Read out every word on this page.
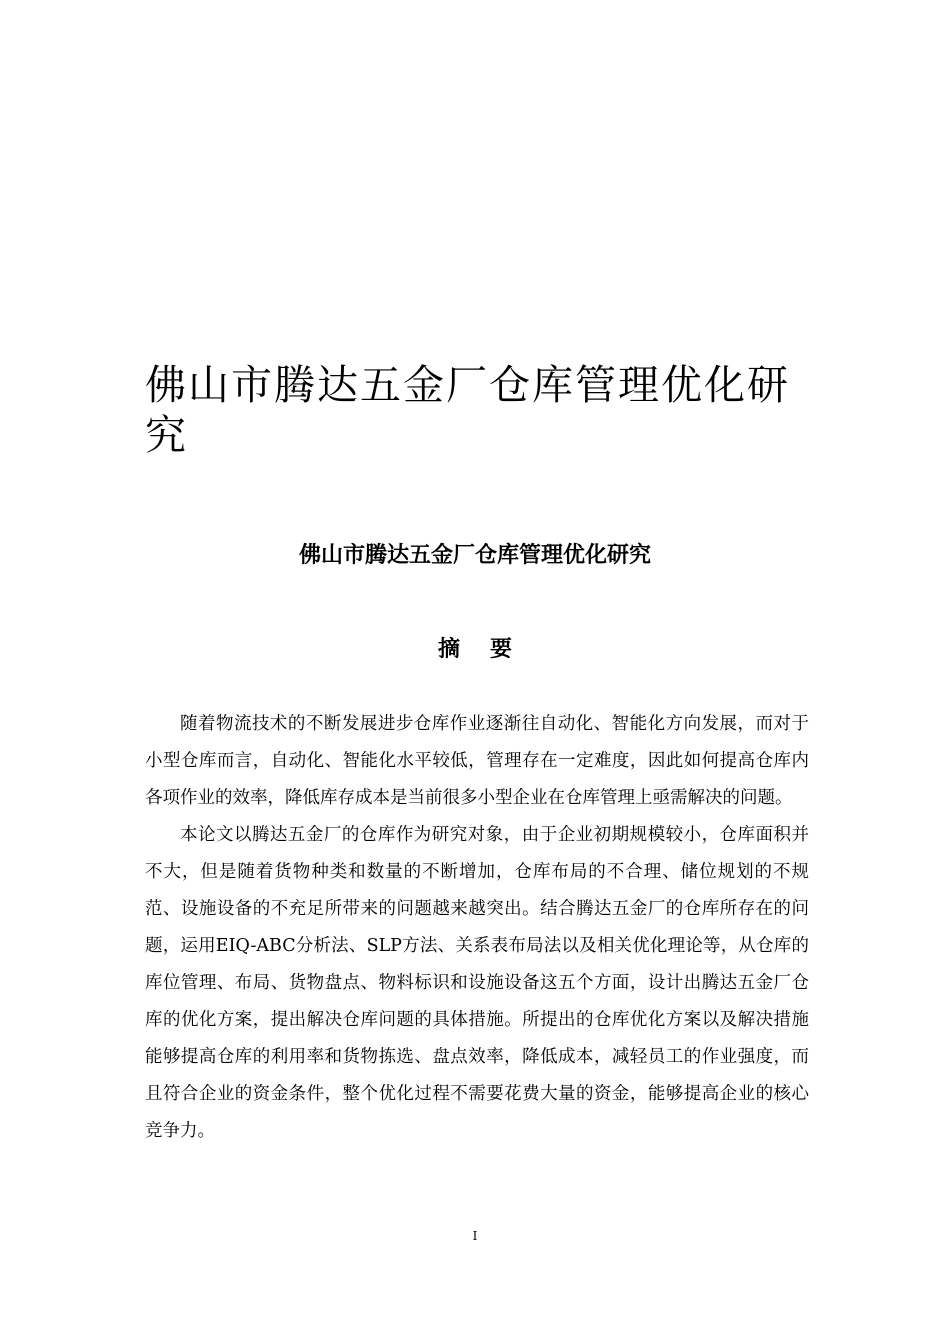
佛山市腾达五金厂仓库管理优化研究
佛山市腾达五金厂仓库管理优化研究
摘要

随着物流技术的不断发展进步仓库作业逐渐往自动化、智能化方向发展，而对于小型仓库而言，自动化、智能化水平较低，管理存在一定难度，因此如何提高仓库内各项作业的效率，降低库存成本是当前很多小型企业在仓库管理上亟需解决的问题。

本论文以腾达五金厂的仓库作为研究对象，由于企业初期规模较小，仓库面积并不大，但是随着货物种类和数量的不断增加，仓库布局的不合理、储位规划的不规范、设施设备的不充足所带来的问题越来越突出。结合腾达五金厂的仓库所存在的问题，运用EIQ-ABC分析法、SLP方法、关系表布局法以及相关优化理论等，从仓库的库位管理、布局、货物盘点、物料标识和设施设备这五个方面，设计出腾达五金厂仓库的优化方案，提出解决仓库问题的具体措施。所提出的仓库优化方案以及解决措施能够提高仓库的利用率和货物拣选、盘点效率，降低成本，减轻员工的作业强度，而且符合企业的资金条件，整个优化过程不需要花费大量的资金，能够提高企业的核心竞争力。

I
